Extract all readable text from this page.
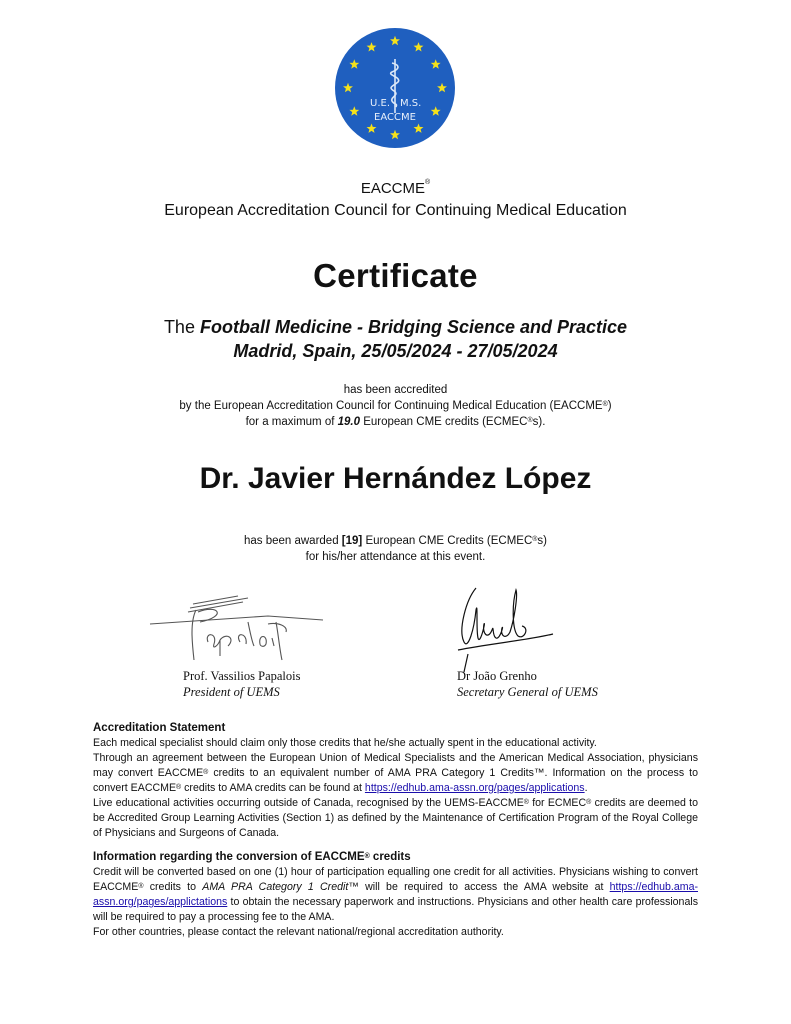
U.E. M.S.
EACCME
EACCME®
European Accreditation Council for Continuing Medical Education
Certificate
The Football Medicine - Bridging Science and Practice
Madrid, Spain, 25/05/2024 - 27/05/2024
has been accredited
by the European Accreditation Council for Continuing Medical Education (EACCME®)
for a maximum of 19.0 European CME credits (ECMEC®s).
Dr. Javier Hernández López
has been awarded [19] European CME Credits (ECMEC®s)
for his/her attendance at this event.
Prof. Vassilios Papalois
President of UEMS
Dr João Grenho
Secretary General of UEMS
Accreditation Statement

Each medical specialist should claim only those credits that he/she actually spent in the educational activity.

Through an agreement between the European Union of Medical Specialists and the American Medical Association, physicians may convert EACCME® credits to an equivalent number of AMA PRA Category 1 Credits™. Information on the process to convert EACCME® credits to AMA credits can be found at https://edhub.ama-assn.org/pages/applications.

Live educational activities occurring outside of Canada, recognised by the UEMS-EACCME® for ECMEC® credits are deemed to be Accredited Group Learning Activities (Section 1) as defined by the Maintenance of Certification Program of the Royal College of Physicians and Surgeons of Canada.

Information regarding the conversion of EACCME® credits

Credit will be converted based on one (1) hour of participation equalling one credit for all activities. Physicians wishing to convert EACCME® credits to AMA PRA Category 1 Credit™ will be required to access the AMA website at https://edhub.ama-assn.org/pages/applictations to obtain the necessary paperwork and instructions. Physicians and other health care professionals will be required to pay a processing fee to the AMA.

For other countries, please contact the relevant national/regional accreditation authority.
